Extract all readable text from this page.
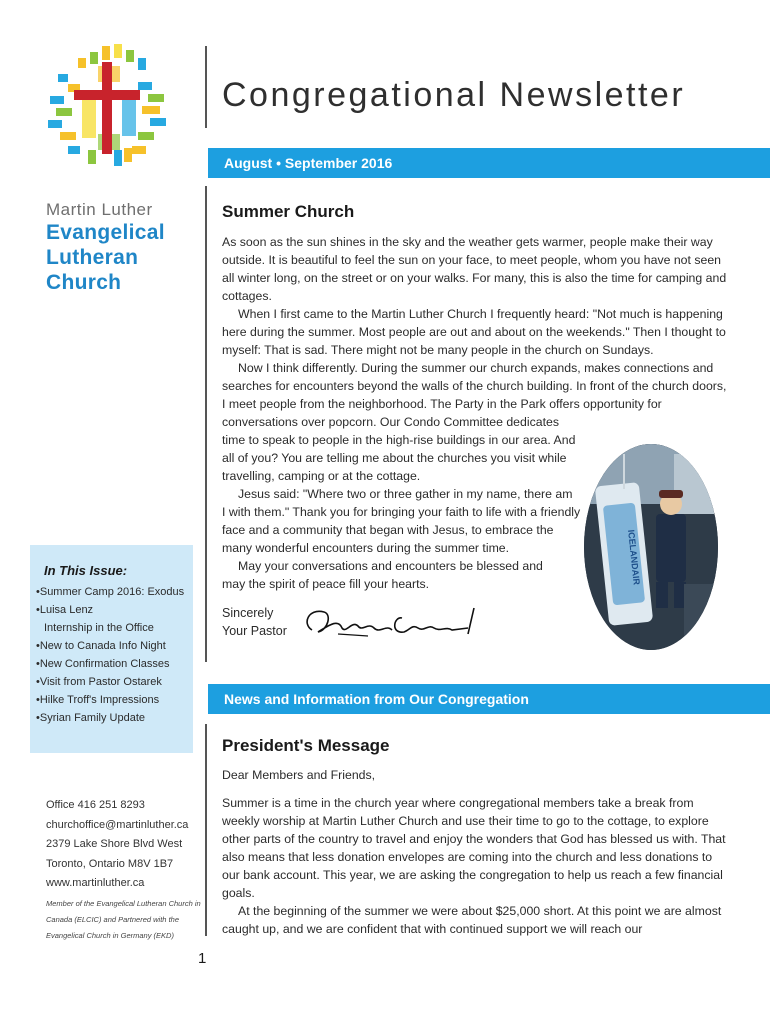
Martin Luther
Evangelical
Lutheran
Church
In This Issue:
•Summer Camp 2016: Exodus
•Luisa Lenz
Internship in the Office
•New to Canada Info Night
•New Confirmation Classes
•Visit from Pastor Ostarek
•Hilke Troff's Impressions
•Syrian Family Update
Office 416 251 8293
churchoffice@martinluther.ca
2379 Lake Shore Blvd West
Toronto, Ontario M8V 1B7
www.martinluther.ca
Member of the Evangelical Lutheran Church in Canada (ELCIC) and Partnered with the Evangelical Church in Germany (EKD)
Congregational Newsletter
August • September 2016
Summer Church

As soon as the sun shines in the sky and the weather gets warmer, people make their way outside. It is beautiful to feel the sun on your face, to meet people, whom you have not seen all winter long, on the street or on your walks. For many, this is also the time for camping and cottages.

When I first came to the Martin Luther Church I frequently heard: "Not much is happening here during the summer. Most people are out and about on the weekends." Then I thought to myself: That is sad. There might not be many people in the church on Sundays.

Now I think differently. During the summer our church expands, makes connections and searches for encounters beyond the walls of the church building. In front of the church doors, I meet people from the neighborhood. The Party in the Park offers opportunity for conversations over popcorn. Our Condo Committee dedicates

time to speak to people in the high-rise buildings in our area. And

all of you? You are telling me about the churches you visit while

travelling, camping or at the cottage.

Jesus said: "Where two or three gather in my name, there am

I with them." Thank you for bringing your faith to life with a friendly

face and a community that began with Jesus, to embrace the

many wonderful encounters during the summer time.

May your conversations and encounters be blessed and

may the spirit of peace fill your hearts.	ICELANDAIR
Sincerely
Your Pastor
News and Information from Our Congregation
President's Message

Dear Members and Friends,

Summer is a time in the church year where congregational members take a break from weekly worship at Martin Luther Church and use their time to go to the cottage, to explore other parts of the country to travel and enjoy the wonders that God has blessed us with. That also means that less donation envelopes are coming into the church and less donations to our bank account. This year, we are asking the congregation to help us reach a few financial goals.

At the beginning of the summer we were about $25,000 short. At this point we are almost caught up, and we are confident that with continued support we will reach our

1
